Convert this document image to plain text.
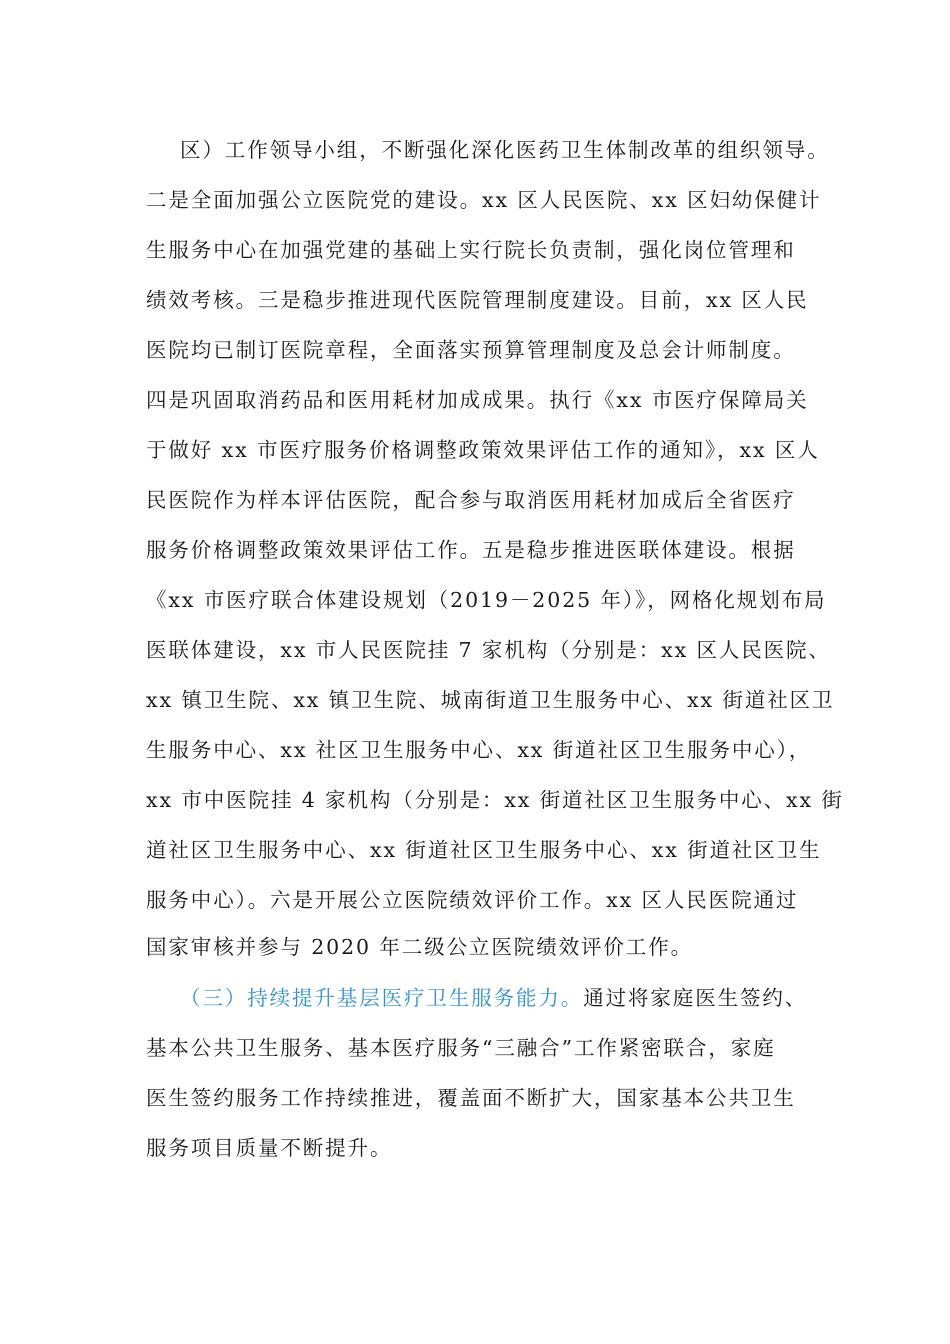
区）工作领导小组，不断强化深化医药卫生体制改革的组织领导。
二是全面加强公立医院党的建设。xx 区人民医院、xx 区妇幼保健计
生服务中心在加强党建的基础上实行院长负责制，强化岗位管理和
绩效考核。三是稳步推进现代医院管理制度建设。目前，xx 区人民
医院均已制订医院章程，全面落实预算管理制度及总会计师制度。
四是巩固取消药品和医用耗材加成成果。执行《xx 市医疗保障局关
于做好 xx 市医疗服务价格调整政策效果评估工作的通知》，xx 区人
民医院作为样本评估医院，配合参与取消医用耗材加成后全省医疗
服务价格调整政策效果评估工作。五是稳步推进医联体建设。根据
《xx 市医疗联合体建设规划（2019－2025 年）》，网格化规划布局
医联体建设，xx 市人民医院挂 7 家机构（分别是：xx 区人民医院、
xx 镇卫生院、xx 镇卫生院、城南街道卫生服务中心、xx 街道社区卫
生服务中心、xx 社区卫生服务中心、xx 街道社区卫生服务中心），
xx 市中医院挂 4 家机构（分别是：xx 街道社区卫生服务中心、xx 街
道社区卫生服务中心、xx 街道社区卫生服务中心、xx 街道社区卫生
服务中心）。六是开展公立医院绩效评价工作。xx 区人民医院通过
国家审核并参与 2020 年二级公立医院绩效评价工作。
（三）持续提升基层医疗卫生服务能力。通过将家庭医生签约、
基本公共卫生服务、基本医疗服务“三融合”工作紧密联合，家庭
医生签约服务工作持续推进，覆盖面不断扩大，国家基本公共卫生
服务项目质量不断提升。
